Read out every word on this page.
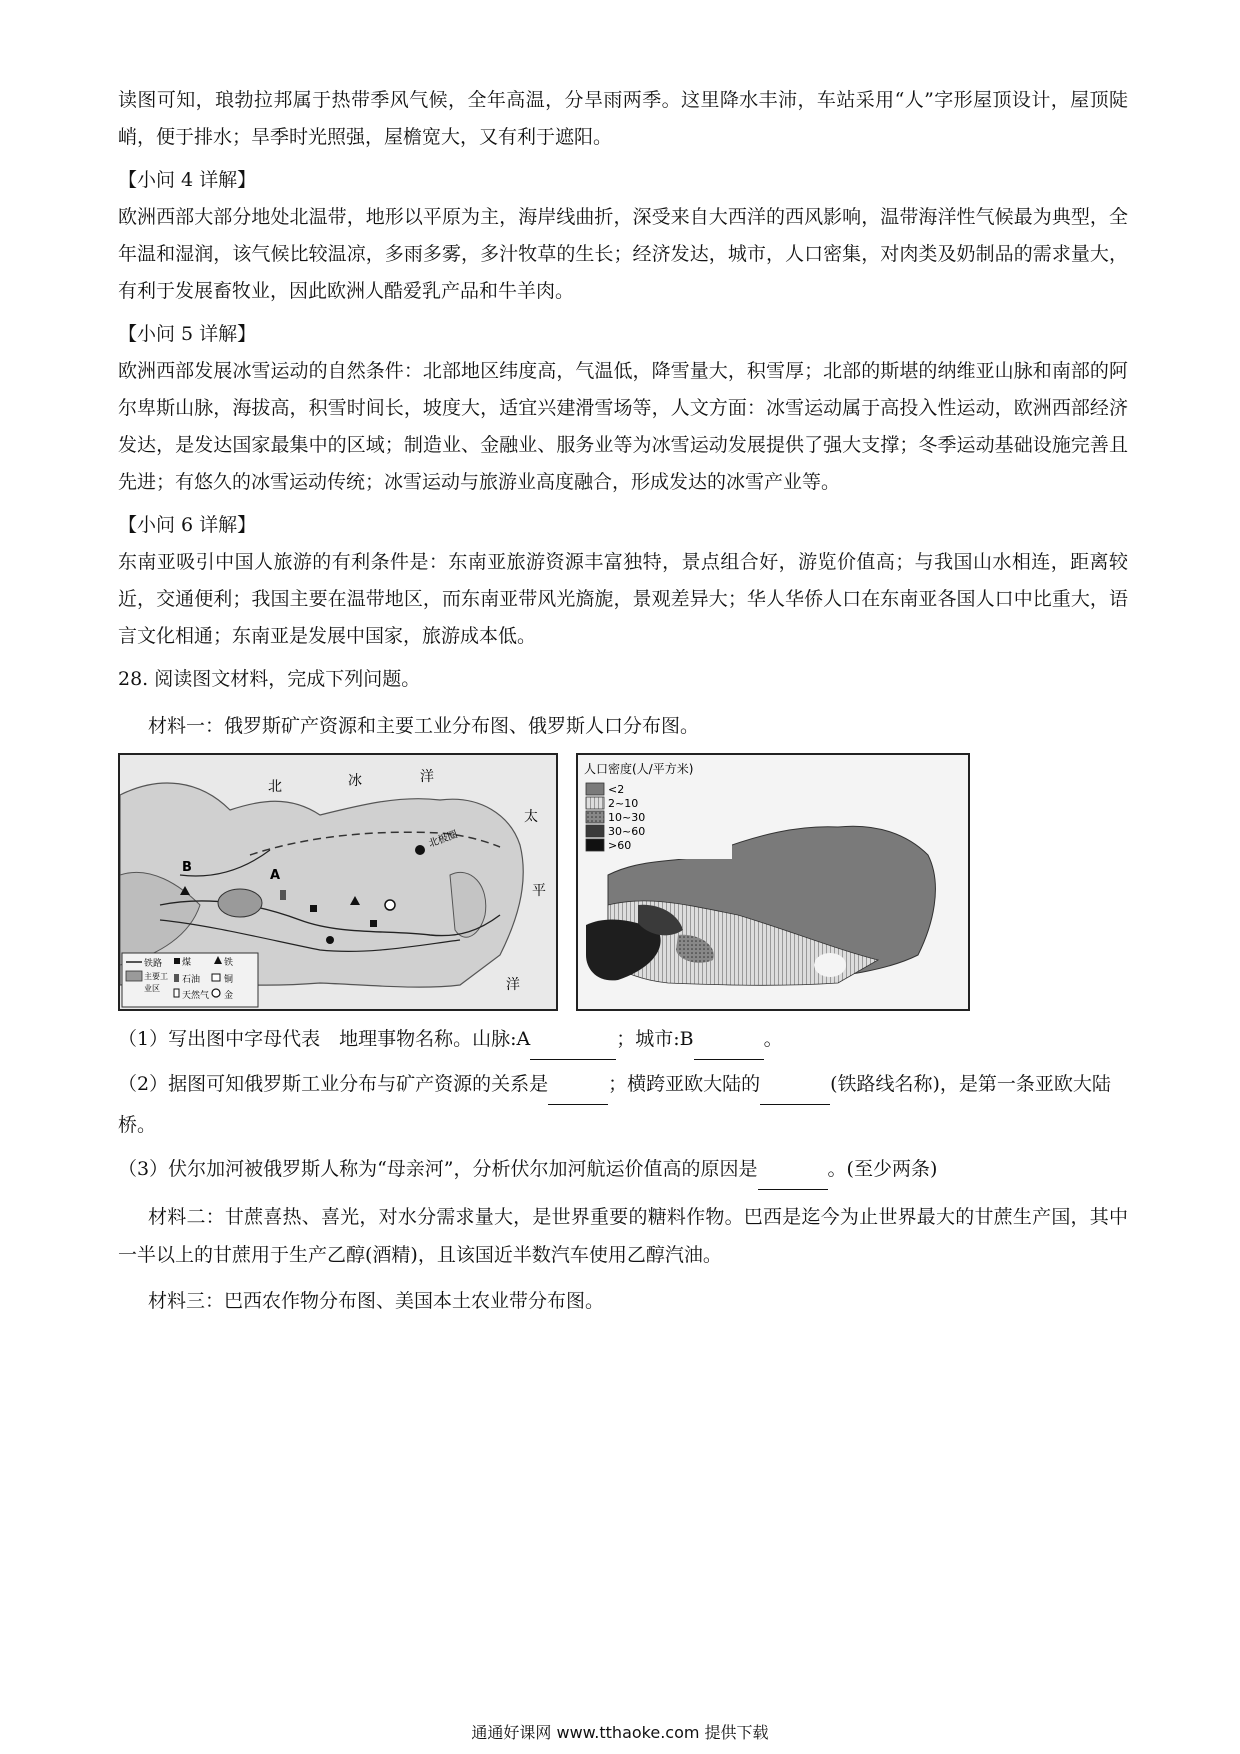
读图可知，琅勃拉邦属于热带季风气候，全年高温，分旱雨两季。这里降水丰沛，车站采用“人”字形屋顶设计，屋顶陡峭，便于排水；旱季时光照强，屋檐宽大，又有利于遮阳。

【小问 4 详解】

欧洲西部大部分地处北温带，地形以平原为主，海岸线曲折，深受来自大西洋的西风影响，温带海洋性气候最为典型，全年温和湿润，该气候比较温凉，多雨多雾，多汁牧草的生长；经济发达，城市，人口密集，对肉类及奶制品的需求量大，有利于发展畜牧业，因此欧洲人酷爱乳产品和牛羊肉。

【小问 5 详解】

欧洲西部发展冰雪运动的自然条件：北部地区纬度高，气温低，降雪量大，积雪厚；北部的斯堪的纳维亚山脉和南部的阿尔卑斯山脉，海拔高，积雪时间长，坡度大，适宜兴建滑雪场等，人文方面：冰雪运动属于高投入性运动，欧洲西部经济发达，是发达国家最集中的区域；制造业、金融业、服务业等为冰雪运动发展提供了强大支撑；冬季运动基础设施完善且先进；有悠久的冰雪运动传统；冰雪运动与旅游业高度融合，形成发达的冰雪产业等。

【小问 6 详解】

东南亚吸引中国人旅游的有利条件是：东南亚旅游资源丰富独特，景点组合好，游览价值高；与我国山水相连，距离较近，交通便利；我国主要在温带地区，而东南亚带风光旖旎，景观差异大；华人华侨人口在东南亚各国人口中比重大，语言文化相通；东南亚是发展中国家，旅游成本低。

28. 阅读图文材料，完成下列问题。

材料一：俄罗斯矿产资源和主要工业分布图、俄罗斯人口分布图。

北	冰	洋
北极圈
太
平
洋
A
B
铁路 煤	铁
主要工
业区
石油	铜
天然气 金
人口密度(人/平方米)
<2
2~10
10~30
30~60
>60

（1）写出图中字母代表　地理事物名称。山脉:A	；城市:B	。

（2）据图可知俄罗斯工业分布与矿产资源的关系是	；横跨亚欧大陆的	(铁路线名称)，是第一条亚欧大陆桥。

（3）伏尔加河被俄罗斯人称为“母亲河”，分析伏尔加河航运价值高的原因是	。(至少两条)

材料二：甘蔗喜热、喜光，对水分需求量大，是世界重要的糖料作物。巴西是迄今为止世界最大的甘蔗生产国，其中一半以上的甘蔗用于生产乙醇(酒精)，且该国近半数汽车使用乙醇汽油。

材料三：巴西农作物分布图、美国本土农业带分布图。

通通好课网 www.tthaoke.com 提供下载
